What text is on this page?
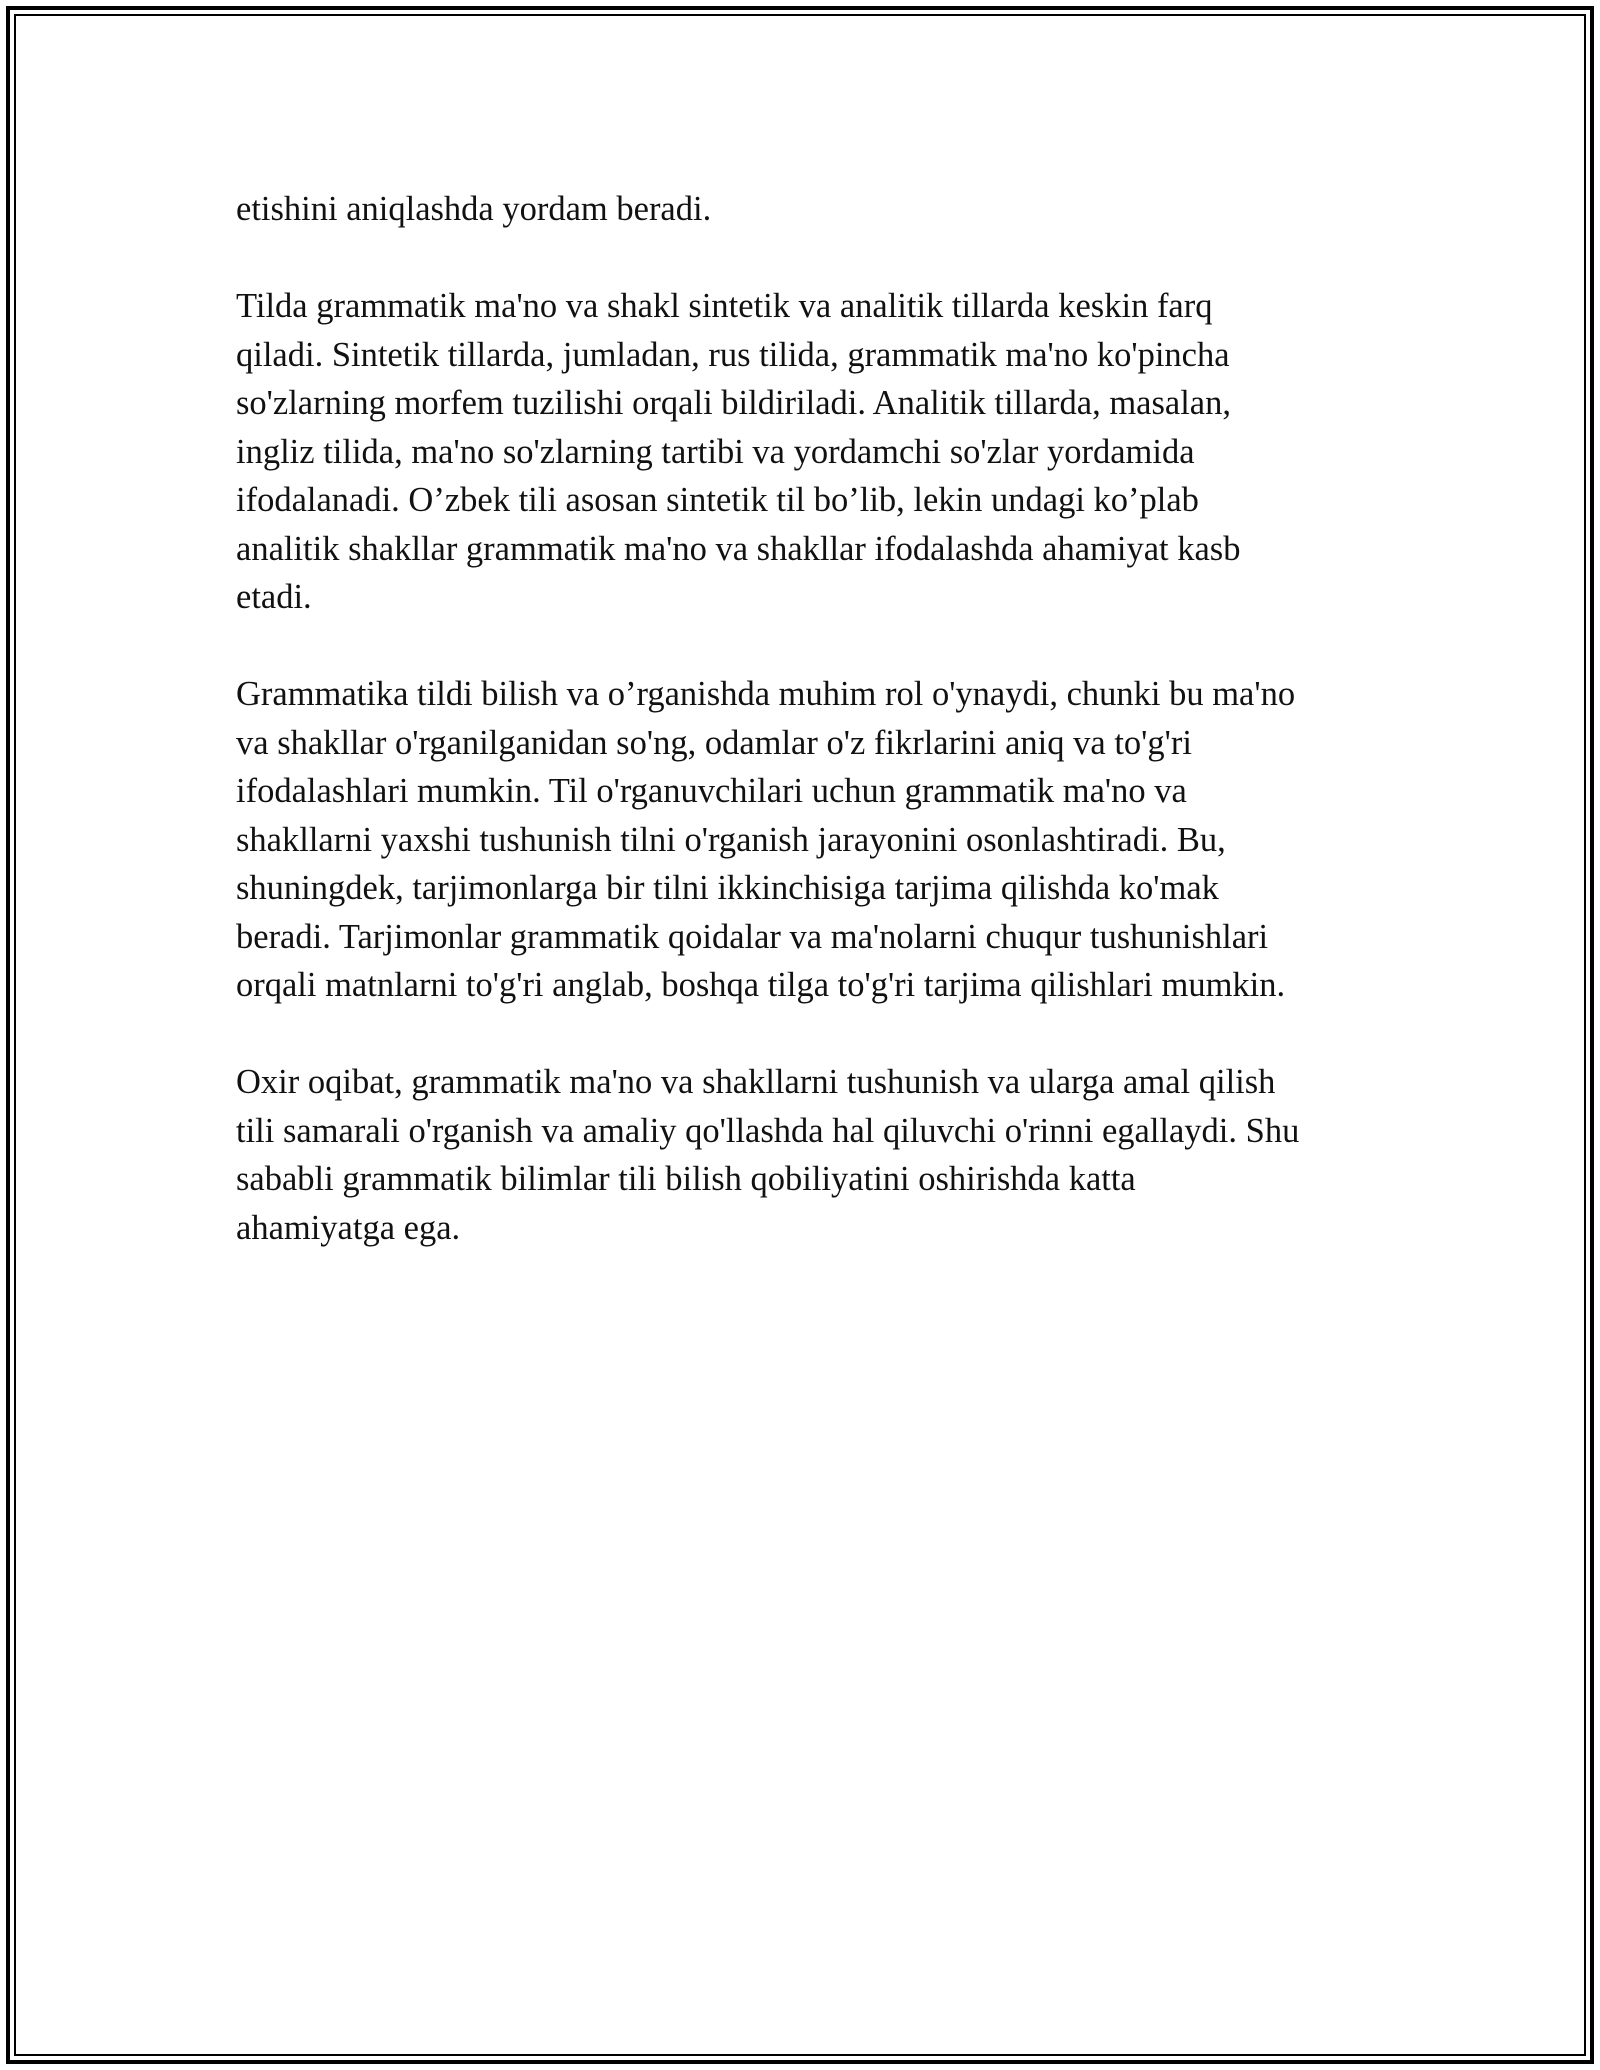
etishini aniqlashda yordam beradi.

Tilda grammatik ma'no va shakl sintetik va analitik tillarda keskin farq
qiladi. Sintetik tillarda, jumladan, rus tilida, grammatik ma'no ko'pincha
so'zlarning morfem tuzilishi orqali bildiriladi. Analitik tillarda, masalan,
ingliz tilida, ma'no so'zlarning tartibi va yordamchi so'zlar yordamida
ifodalanadi. O’zbek tili asosan sintetik til bo’lib, lekin undagi ko’plab
analitik shakllar grammatik ma'no va shakllar ifodalashda ahamiyat kasb
etadi.

Grammatika tildi bilish va o’rganishda muhim rol o'ynaydi, chunki bu ma'no
va shakllar o'rganilganidan so'ng, odamlar o'z fikrlarini aniq va to'g'ri
ifodalashlari mumkin. Til o'rganuvchilari uchun grammatik ma'no va
shakllarni yaxshi tushunish tilni o'rganish jarayonini osonlashtiradi. Bu,
shuningdek, tarjimonlarga bir tilni ikkinchisiga tarjima qilishda ko'mak
beradi. Tarjimonlar grammatik qoidalar va ma'nolarni chuqur tushunishlari
orqali matnlarni to'g'ri anglab, boshqa tilga to'g'ri tarjima qilishlari mumkin.

Oxir oqibat, grammatik ma'no va shakllarni tushunish va ularga amal qilish
tili samarali o'rganish va amaliy qo'llashda hal qiluvchi o'rinni egallaydi. Shu
sababli grammatik bilimlar tili bilish qobiliyatini oshirishda katta
ahamiyatga ega.
